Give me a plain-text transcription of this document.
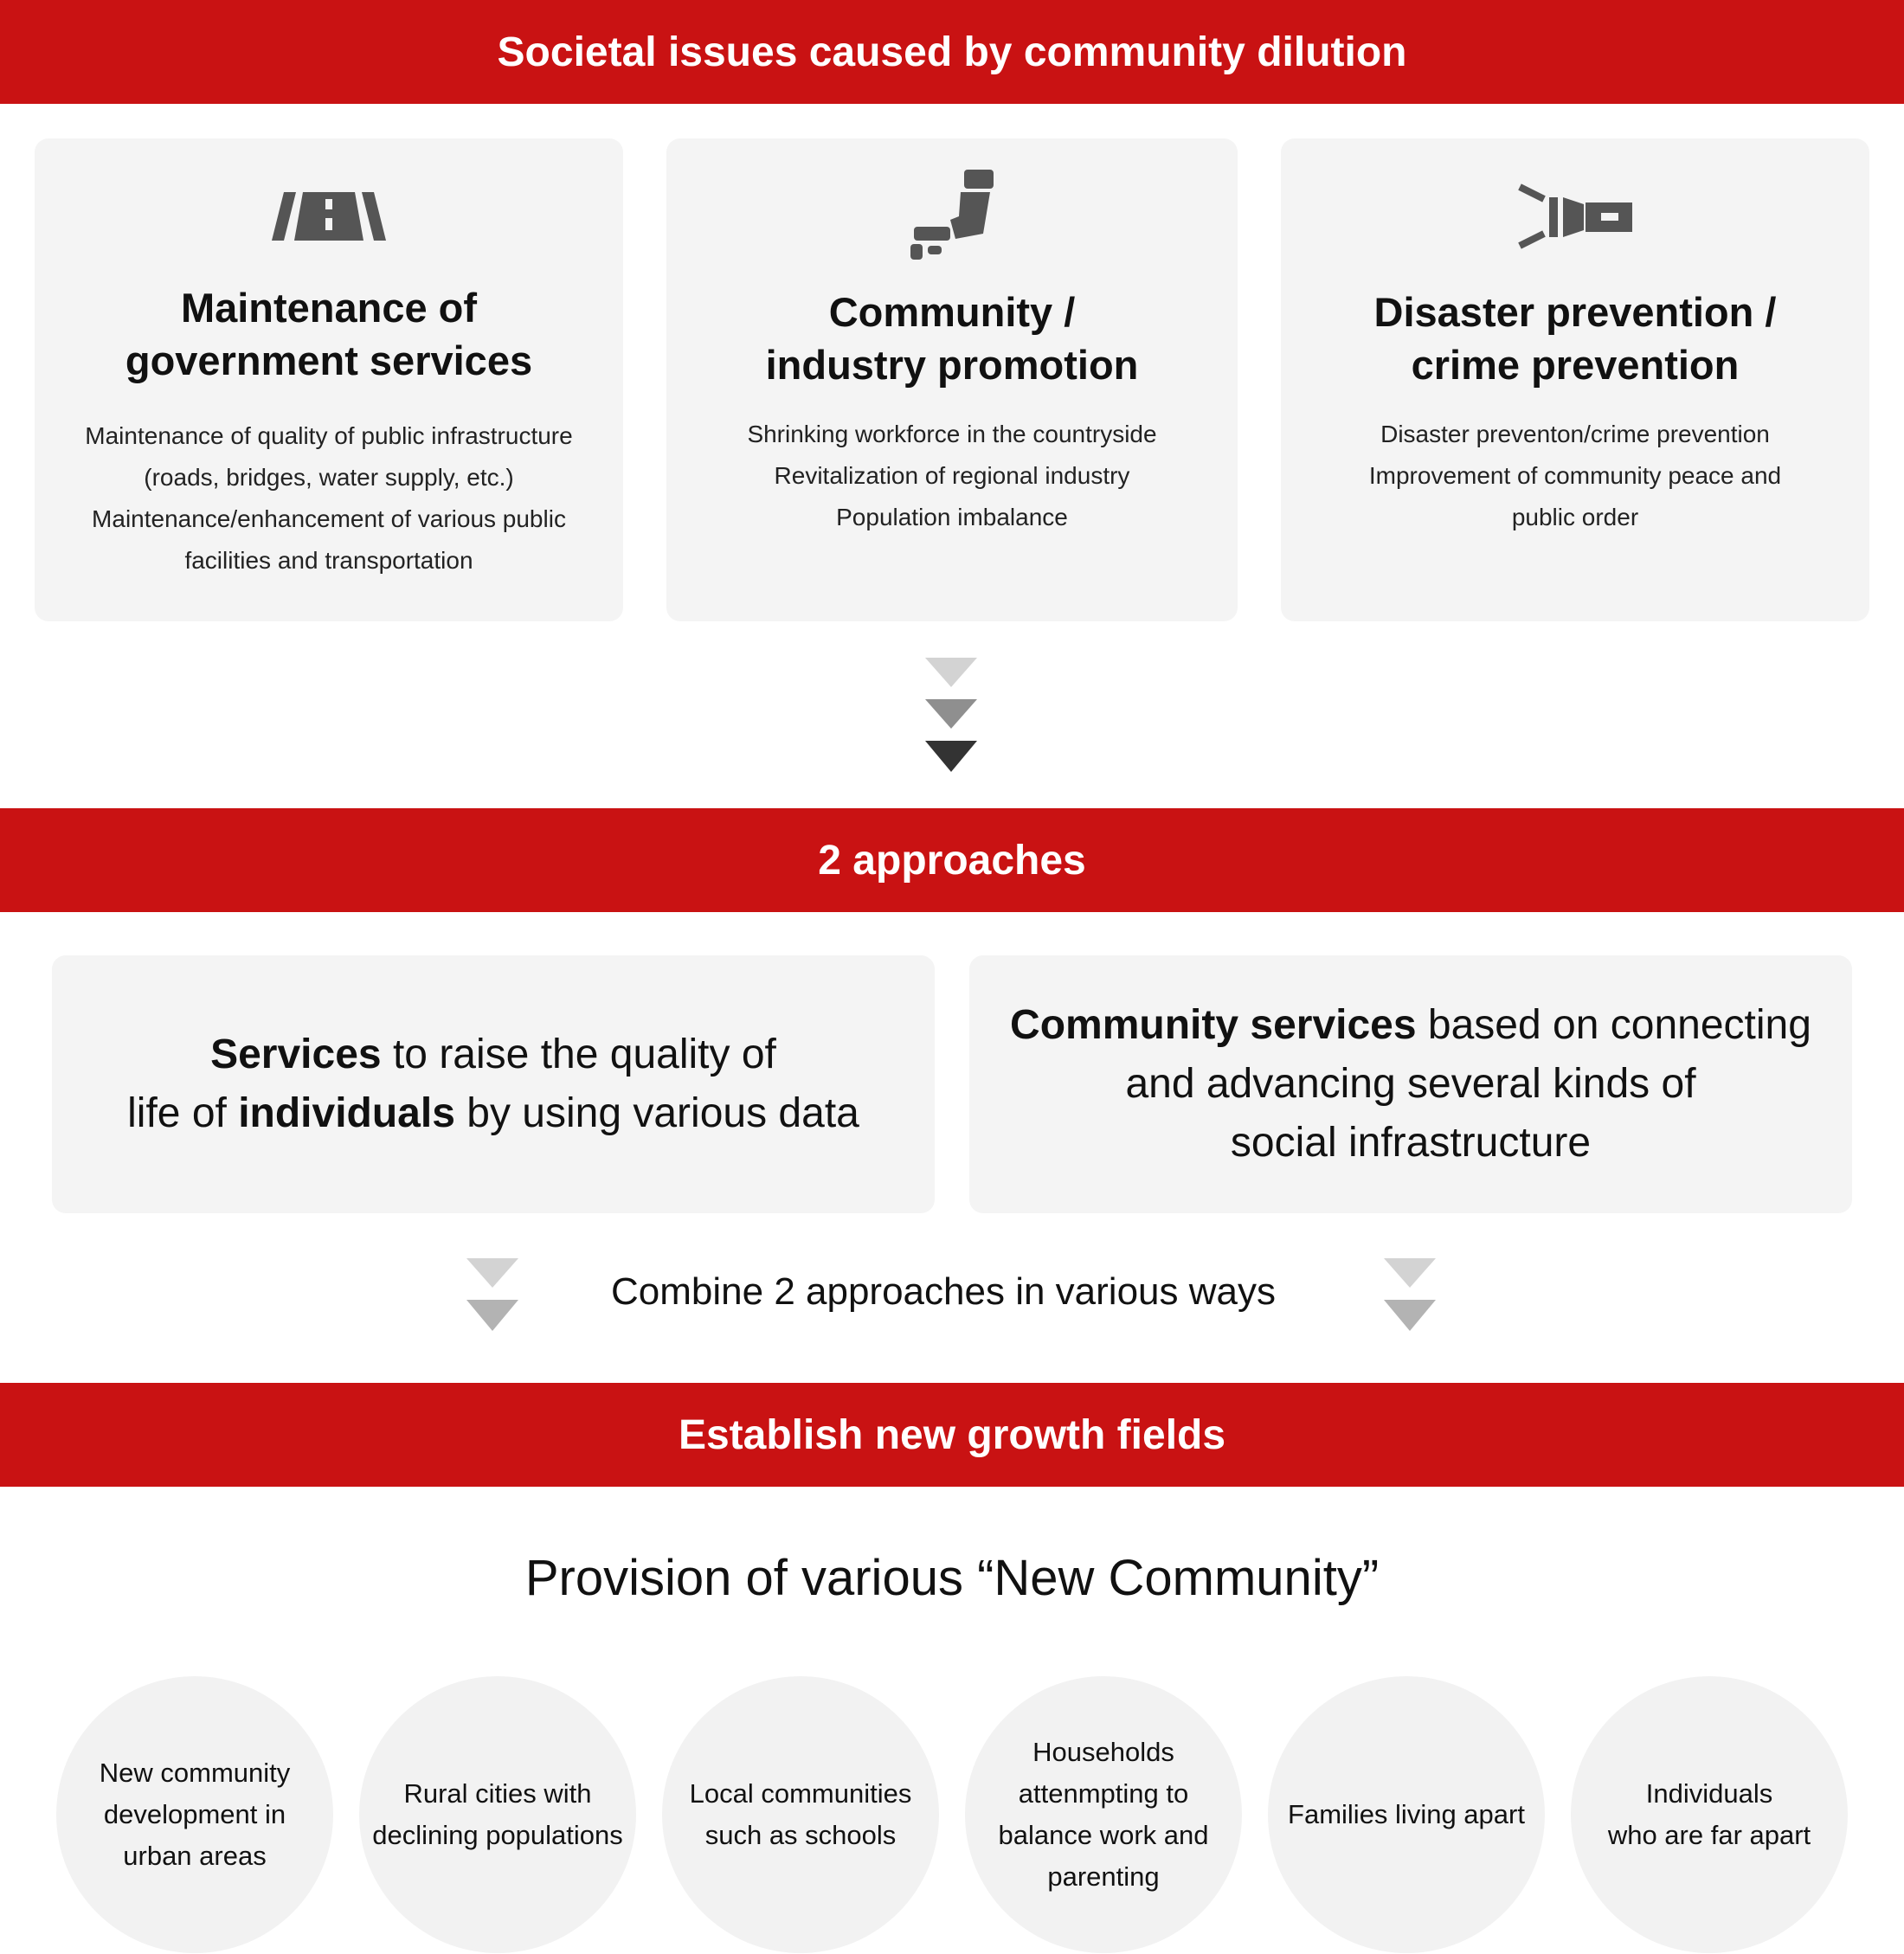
Societal issues caused by community dilution
Maintenance of
government services
Maintenance of quality of public infrastructure
(roads, bridges, water supply, etc.)
Maintenance/enhancement of various public
facilities and transportation
Community /
industry promotion
Shrinking workforce in the countryside
Revitalization of regional industry
Population imbalance
Disaster prevention /
crime prevention
Disaster preventon/crime prevention
Improvement of community peace and
public order
2 approaches
Services to raise the quality of
life of individuals by using various data
Community services based on connecting
and advancing several kinds of
social infrastructure
Combine 2 approaches in various ways
Establish new growth fields
Provision of various “New Community”
New community
development in
urban areas
Rural cities with
declining populations
Local communities
such as schools
Households
attenmpting to
balance work and
parenting
Families living apart
Individuals
who are far apart
